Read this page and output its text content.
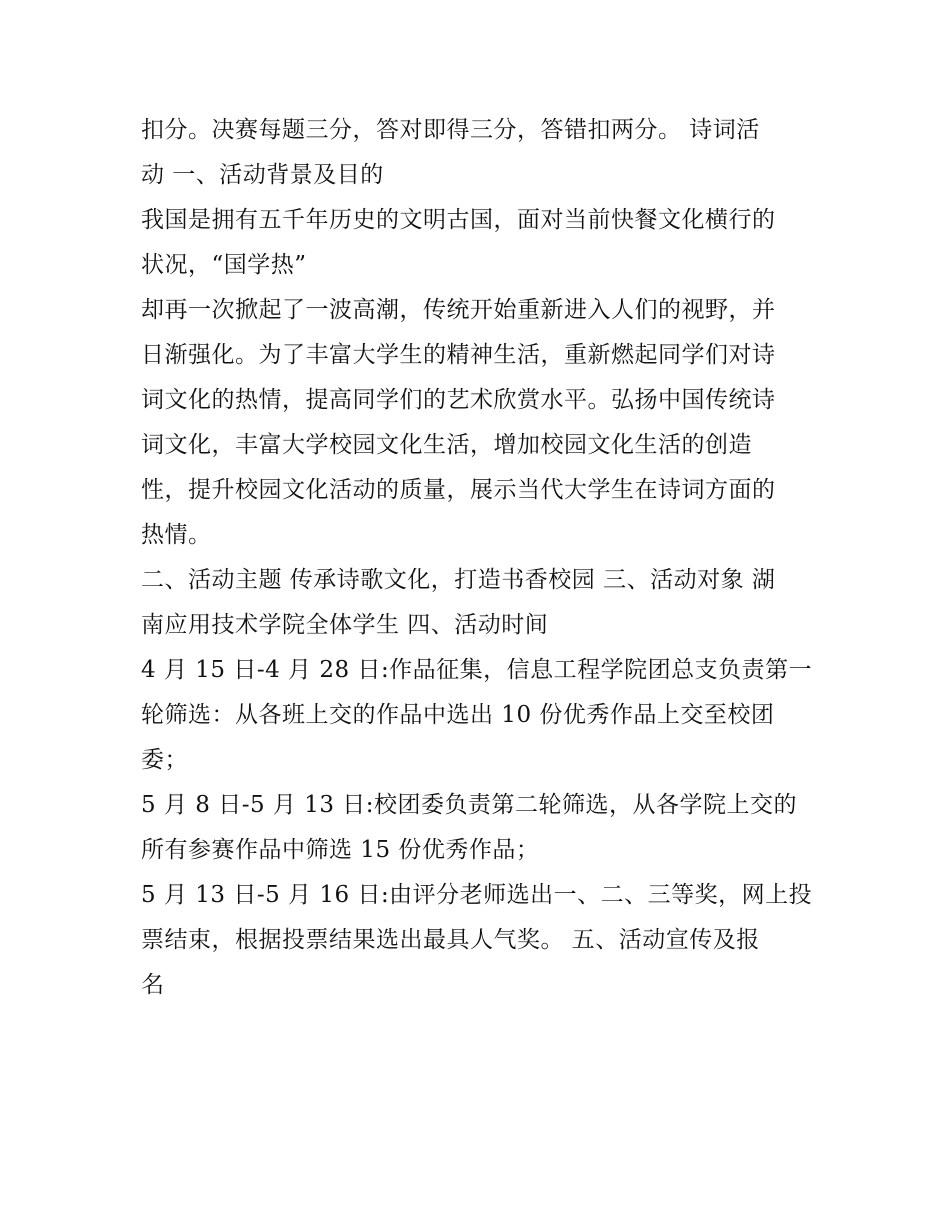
扣分。决赛每题三分，答对即得三分，答错扣两分。 诗词活
动 一、活动背景及目的
我国是拥有五千年历史的文明古国，面对当前快餐文化横行的
状况，“国学热”
却再一次掀起了一波高潮，传统开始重新进入人们的视野，并
日渐强化。为了丰富大学生的精神生活，重新燃起同学们对诗
词文化的热情，提高同学们的艺术欣赏水平。弘扬中国传统诗
词文化，丰富大学校园文化生活，增加校园文化生活的创造
性，提升校园文化活动的质量，展示当代大学生在诗词方面的
热情。
二、活动主题 传承诗歌文化，打造书香校园 三、活动对象 湖
南应用技术学院全体学生 四、活动时间
4 月 15 日-4 月 28 日:作品征集，信息工程学院团总支负责第一
轮筛选：从各班上交的作品中选出 10 份优秀作品上交至校团
委；
5 月 8 日-5 月 13 日:校团委负责第二轮筛选，从各学院上交的
所有参赛作品中筛选 15 份优秀作品；
5 月 13 日-5 月 16 日:由评分老师选出一、二、三等奖，网上投
票结束，根据投票结果选出最具人气奖。 五、活动宣传及报
名
